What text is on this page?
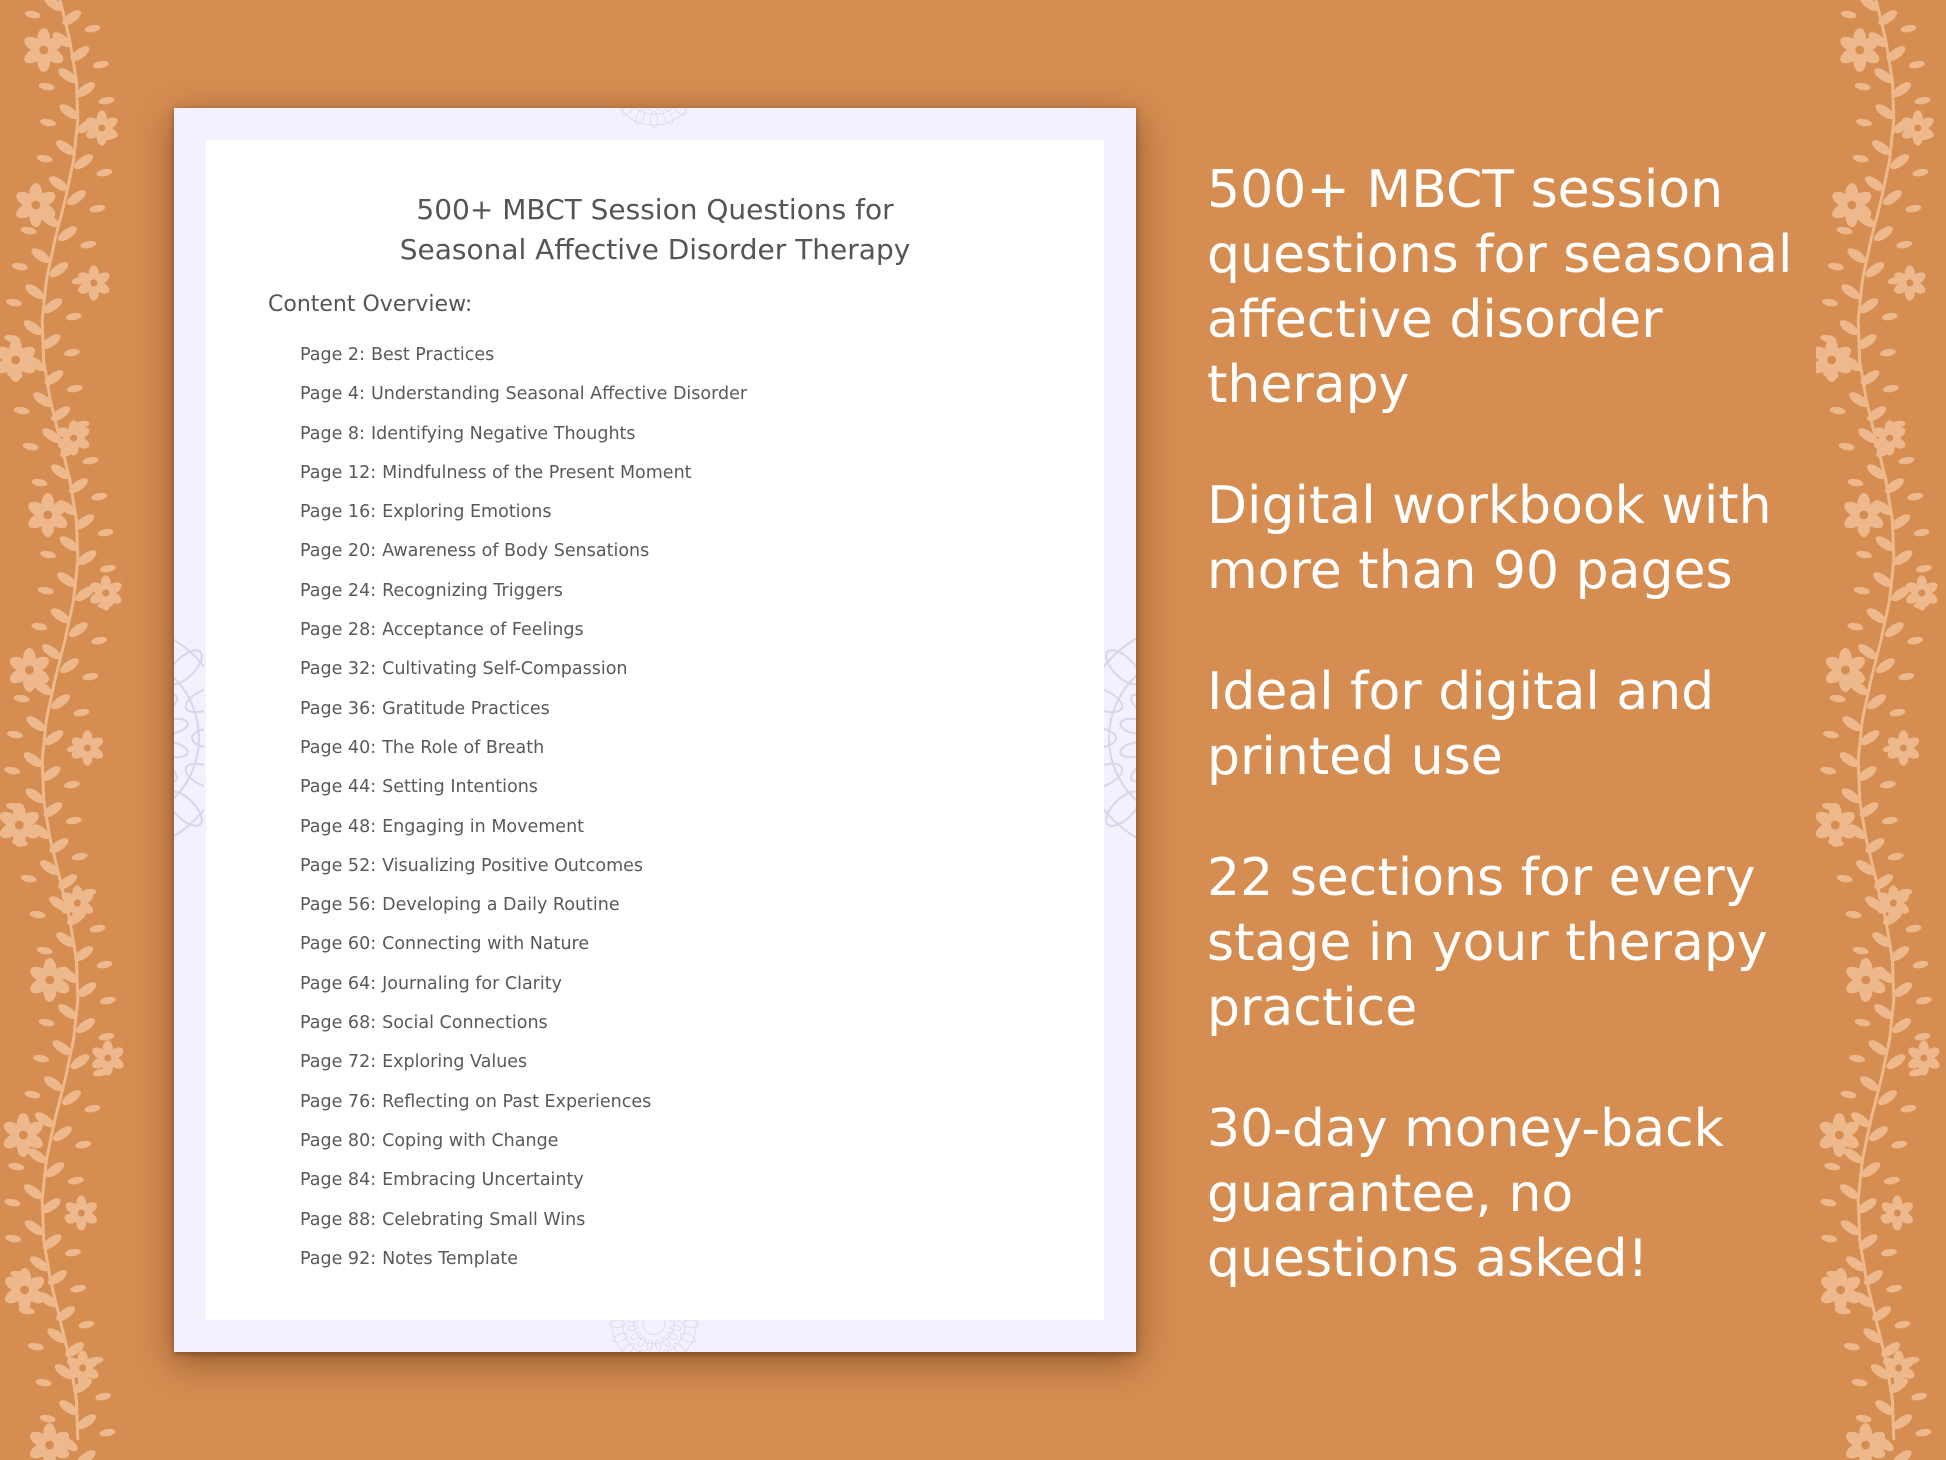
500+ MBCT Session Questions for
Seasonal Affective Disorder Therapy

Content Overview:

Page 2: Best Practices
Page 4: Understanding Seasonal Affective Disorder
Page 8: Identifying Negative Thoughts
Page 12: Mindfulness of the Present Moment
Page 16: Exploring Emotions
Page 20: Awareness of Body Sensations
Page 24: Recognizing Triggers
Page 28: Acceptance of Feelings
Page 32: Cultivating Self-Compassion
Page 36: Gratitude Practices
Page 40: The Role of Breath
Page 44: Setting Intentions
Page 48: Engaging in Movement
Page 52: Visualizing Positive Outcomes
Page 56: Developing a Daily Routine
Page 60: Connecting with Nature
Page 64: Journaling for Clarity
Page 68: Social Connections
Page 72: Exploring Values
Page 76: Reflecting on Past Experiences
Page 80: Coping with Change
Page 84: Embracing Uncertainty
Page 88: Celebrating Small Wins
Page 92: Notes Template

500+ MBCT session questions for seasonal affective disorder therapy

Digital workbook with more than 90 pages

Ideal for digital and printed use

22 sections for every stage in your therapy practice

30-day money-back guarantee, no questions asked!
